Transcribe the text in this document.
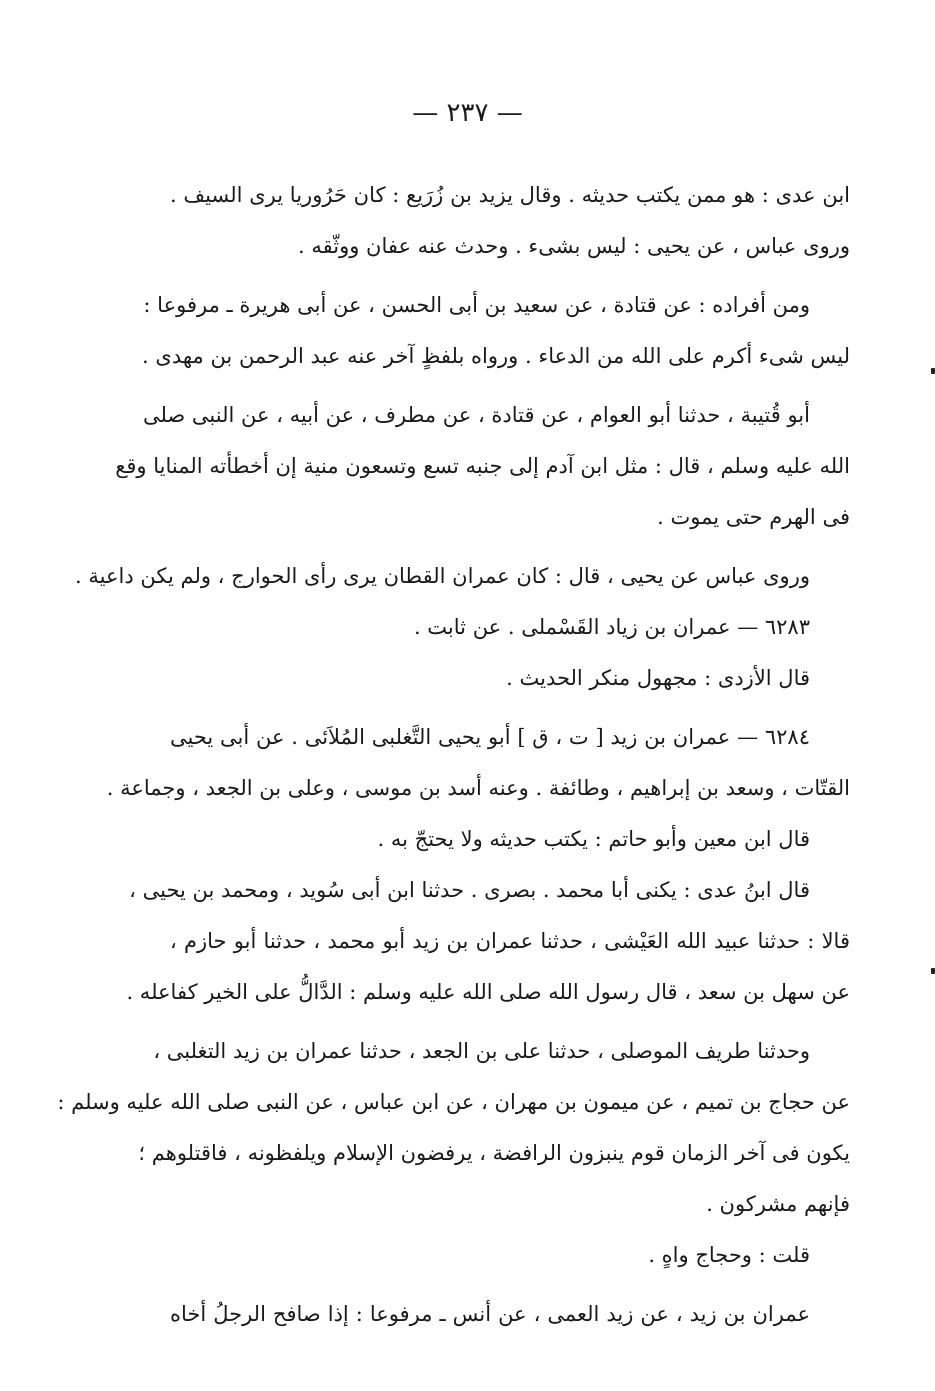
— ٢٣٧ —
ابن عدى : هو ممن يكتب حديثه . وقال يزيد بن زُرَيع : كان حَرُوريا يرى السيف .
وروى عباس ، عن يحيى : ليس بشىء . وحدث عنه عفان ووثّقه .
ومن أفراده : عن قتادة ، عن سعيد بن أبى الحسن ، عن أبى هريرة ـ مرفوعا :
ليس شىء أكرم على الله من الدعاء . ورواه بلفظٍ آخر عنه عبد الرحمن بن مهدى .
أبو قُتيبة ، حدثنا أبو العوام ، عن قتادة ، عن مطرف ، عن أبيه ، عن النبى صلى
الله عليه وسلم ، قال : مثل ابن آدم إلى جنبه تسع وتسعون منية إن أخطأته المنايا وقع
فى الهرم حتى يموت .
وروى عباس عن يحيى ، قال : كان عمران القطان يرى رأى الحوارج ، ولم يكن داعية .
٦٢٨٣ — عمران بن زياد القَسْملى . عن ثابت .
قال الأزدى : مجهول منكر الحديث .
٦٢٨٤ — عمران بن زيد [ ت ، ق ] أبو يحيى التَّغلبى المُلاَئى . عن أبى يحيى
القتّات ، وسعد بن إبراهيم ، وطائفة . وعنه أسد بن موسى ، وعلى بن الجعد ، وجماعة .
قال ابن معين وأبو حاتم : يكتب حديثه ولا يحتجّ به .
قال ابنُ عدى : يكنى أبا محمد . بصرى . حدثنا ابن أبى سُويد ، ومحمد بن يحيى ،
قالا : حدثنا عبيد الله العَيْشى ، حدثنا عمران بن زيد أبو محمد ، حدثنا أبو حازم ،
عن سهل بن سعد ، قال رسول الله صلى الله عليه وسلم : الدَّالُّ على الخير كفاعله .
وحدثنا طريف الموصلى ، حدثنا على بن الجعد ، حدثنا عمران بن زيد التغلبى ،
عن حجاج بن تميم ، عن ميمون بن مهران ، عن ابن عباس ، عن النبى صلى الله عليه وسلم :
يكون فى آخر الزمان قوم ينبزون الرافضة ، يرفضون الإسلام ويلفظونه ، فاقتلوهم ؛
فإنهم مشركون .
قلت : وحجاج واهٍ .
عمران بن زيد ، عن زيد العمى ، عن أنس ـ مرفوعا : إذا صافح الرجلُ أخاه
